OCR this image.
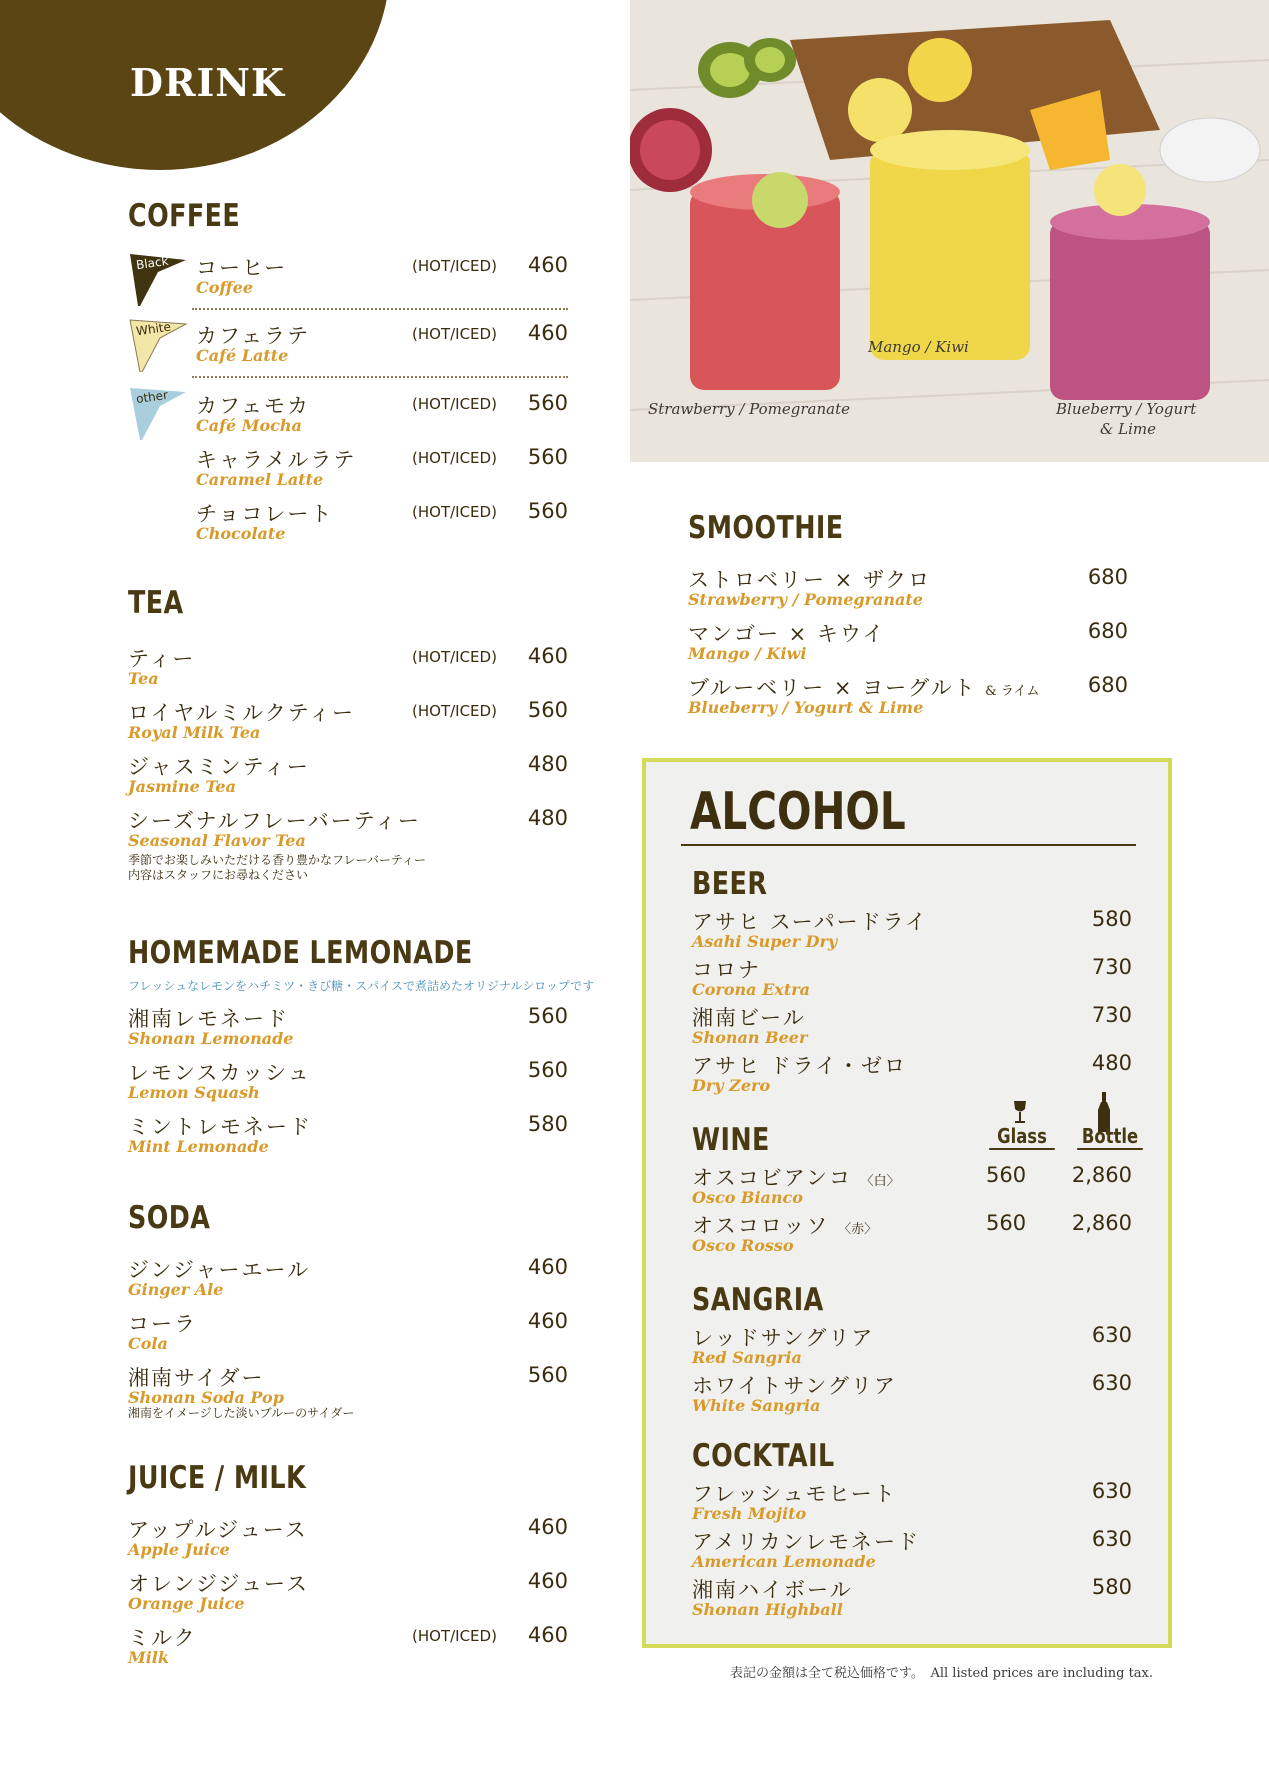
DRINK
COFFEE
Black コーヒー
Coffee
(HOT/ICED) 460
White カフェラテ
Café Latte
(HOT/ICED) 460
other カフェモカ
Café Mocha
(HOT/ICED) 560
キャラメルラテ
Caramel Latte
(HOT/ICED) 560
チョコレート
Chocolate
(HOT/ICED) 560
TEA
ティー
Tea
(HOT/ICED) 460
ロイヤルミルクティー
Royal Milk Tea
(HOT/ICED) 560
ジャスミンティー
Jasmine Tea
480
シーズナルフレーバーティー
Seasonal Flavor Tea
480
季節でお楽しみいただける香り豊かなフレーバーティー
内容はスタッフにお尋ねください
HOMEMADE LEMONADE
フレッシュなレモンをハチミツ・きび糖・スパイスで煮詰めたオリジナルシロップです
湘南レモネード
Shonan Lemonade
560
レモンスカッシュ
Lemon Squash
560
ミントレモネード
Mint Lemonade
580
SODA
ジンジャーエール
Ginger Ale
460
コーラ
Cola
460
湘南サイダー
Shonan Soda Pop
560
湘南をイメージした淡いブルーのサイダー
JUICE / MILK
アップルジュース
Apple Juice
460
オレンジジュース
Orange Juice
460
ミルク
Milk
(HOT/ICED) 460
Strawberry / Pomegranate
Mango / Kiwi
Blueberry / Yogurt
& Lime
SMOOTHIE
ストロベリー × ザクロ
Strawberry / Pomegranate
680
マンゴー × キウイ
Mango / Kiwi
680
ブルーベリー × ヨーグルト & ライム
Blueberry / Yogurt & Lime
680
ALCOHOL
BEER
アサヒ スーパードライ
Asahi Super Dry
580
コロナ
Corona Extra
730
湘南ビール
Shonan Beer
730
アサヒ ドライ・ゼロ
Dry Zero
480
WINE	Glass	Bottle
オスコビアンコ 〈白〉
Osco Bianco
560 2,860
オスコロッソ 〈赤〉
Osco Rosso
560 2,860
SANGRIA
レッドサングリア
Red Sangria
630
ホワイトサングリア
White Sangria
630
COCKTAIL
フレッシュモヒート
Fresh Mojito
630
アメリカンレモネード
American Lemonade
630
湘南ハイボール
Shonan Highball
580
表記の金額は全て税込価格です。　All listed prices are including tax.
